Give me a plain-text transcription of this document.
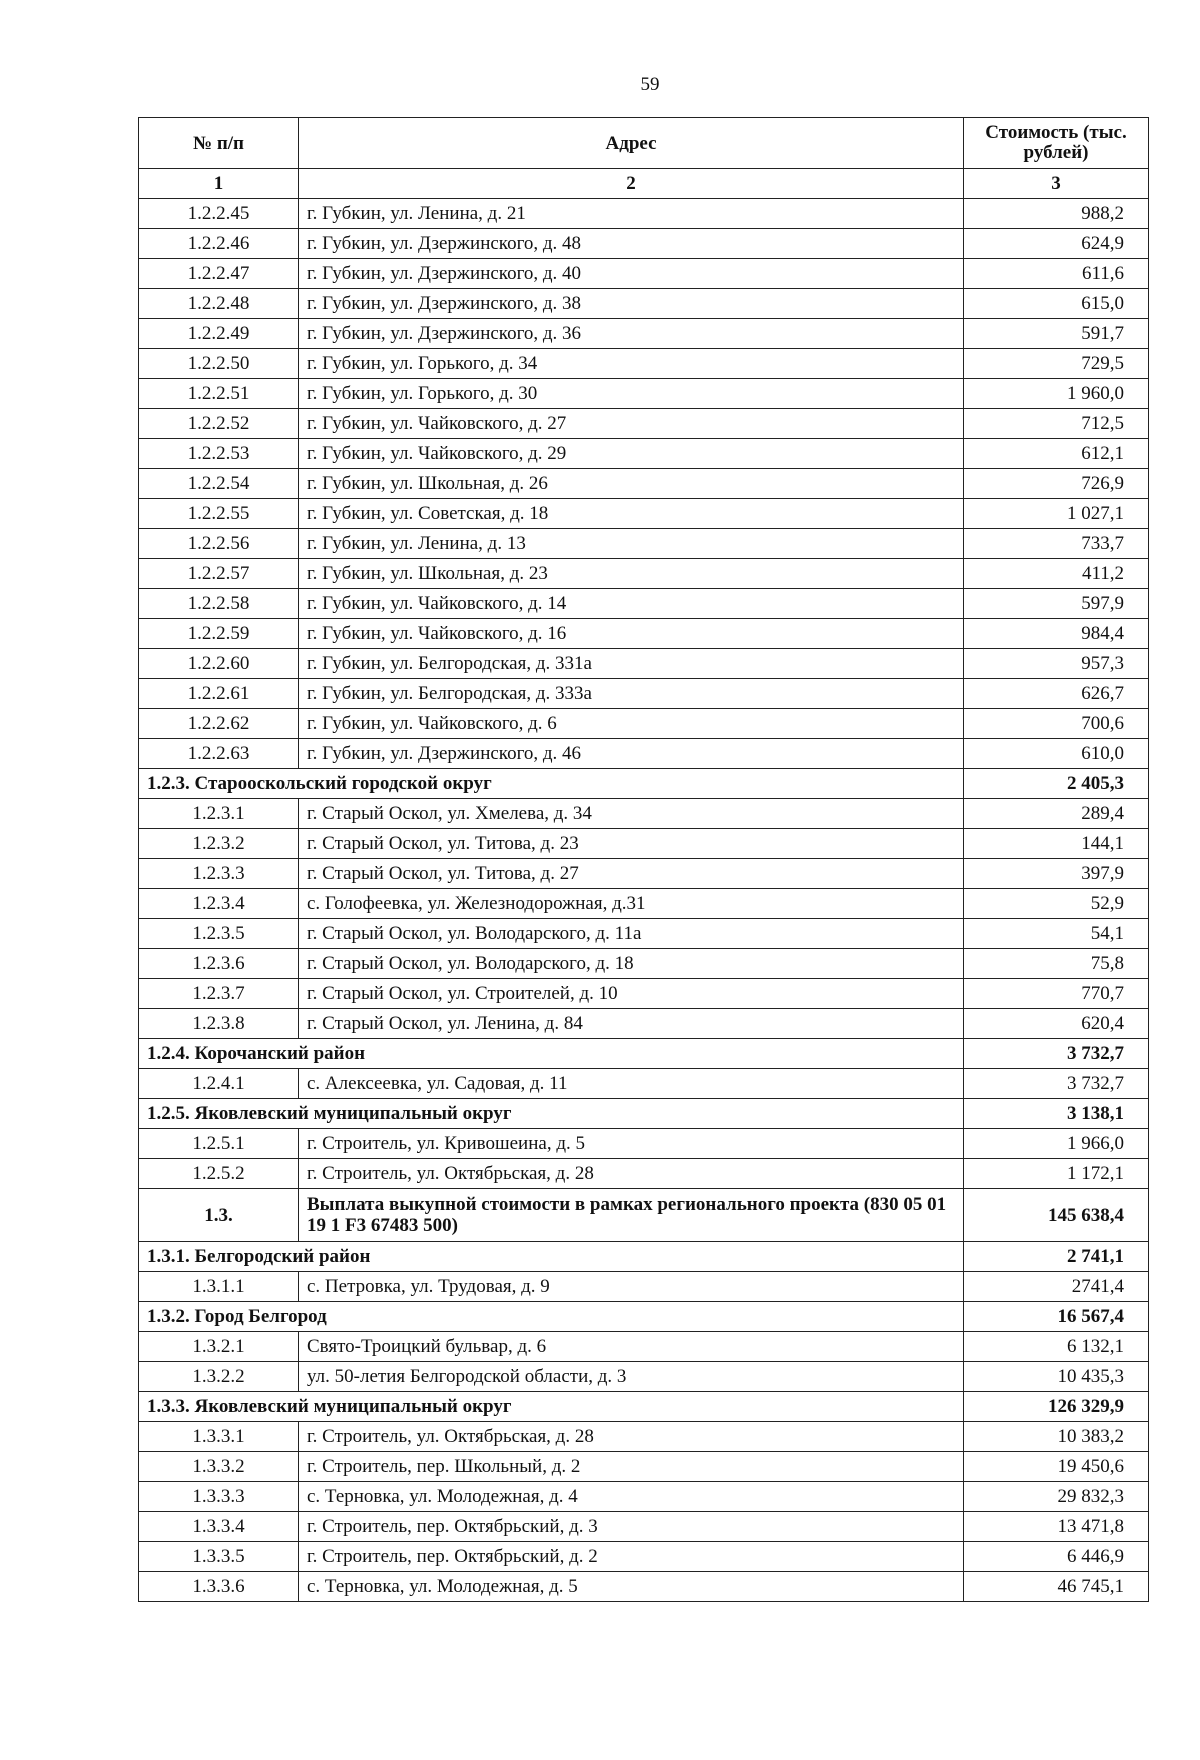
59
№ п/п	Адрес	Стоимость (тыс. рублей)
1	2	3
1.2.2.45	г. Губкин, ул. Ленина, д. 21	988,2
1.2.2.46	г. Губкин, ул. Дзержинского, д. 48	624,9
1.2.2.47	г. Губкин, ул. Дзержинского, д. 40	611,6
1.2.2.48	г. Губкин, ул. Дзержинского, д. 38	615,0
1.2.2.49	г. Губкин, ул. Дзержинского, д. 36	591,7
1.2.2.50	г. Губкин, ул. Горького, д. 34	729,5
1.2.2.51	г. Губкин, ул. Горького, д. 30	1 960,0
1.2.2.52	г. Губкин, ул. Чайковского, д. 27	712,5
1.2.2.53	г. Губкин, ул. Чайковского, д. 29	612,1
1.2.2.54	г. Губкин, ул. Школьная, д. 26	726,9
1.2.2.55	г. Губкин, ул. Советская, д. 18	1 027,1
1.2.2.56	г. Губкин, ул. Ленина, д. 13	733,7
1.2.2.57	г. Губкин, ул. Школьная, д. 23	411,2
1.2.2.58	г. Губкин, ул. Чайковского, д. 14	597,9
1.2.2.59	г. Губкин, ул. Чайковского, д. 16	984,4
1.2.2.60	г. Губкин, ул. Белгородская, д. 331а	957,3
1.2.2.61	г. Губкин, ул. Белгородская, д. 333а	626,7
1.2.2.62	г. Губкин, ул. Чайковского, д. 6	700,6
1.2.2.63	г. Губкин, ул. Дзержинского, д. 46	610,0
1.2.3. Старооскольский городской округ		2 405,3
1.2.3.1	г. Старый Оскол, ул. Хмелева, д. 34	289,4
1.2.3.2	г. Старый Оскол, ул. Титова, д. 23	144,1
1.2.3.3	г. Старый Оскол, ул. Титова, д. 27	397,9
1.2.3.4	с. Голофеевка, ул. Железнодорожная, д.31	52,9
1.2.3.5	г. Старый Оскол, ул. Володарского, д. 11а	54,1
1.2.3.6	г. Старый Оскол, ул. Володарского, д. 18	75,8
1.2.3.7	г. Старый Оскол, ул. Строителей, д. 10	770,7
1.2.3.8	г. Старый Оскол, ул. Ленина, д. 84	620,4
1.2.4. Корочанский район		3 732,7
1.2.4.1	с. Алексеевка, ул. Садовая, д. 11	3 732,7
1.2.5. Яковлевский муниципальный округ		3 138,1
1.2.5.1	г. Строитель, ул. Кривошеина, д. 5	1 966,0
1.2.5.2	г. Строитель, ул. Октябрьская, д. 28	1 172,1
1.3.	Выплата выкупной стоимости в рамках регионального проекта (830 05 01 19 1 F3 67483 500)	145 638,4
1.3.1. Белгородский район		2 741,1
1.3.1.1	с. Петровка, ул. Трудовая, д. 9	2741,4
1.3.2. Город Белгород		16 567,4
1.3.2.1	Свято-Троицкий бульвар, д. 6	6 132,1
1.3.2.2	ул. 50-летия Белгородской области, д. 3	10 435,3
1.3.3. Яковлевский муниципальный округ		126 329,9
1.3.3.1	г. Строитель, ул. Октябрьская, д. 28	10 383,2
1.3.3.2	г. Строитель, пер. Школьный, д. 2	19 450,6
1.3.3.3	с. Терновка, ул. Молодежная, д. 4	29 832,3
1.3.3.4	г. Строитель, пер. Октябрьский, д. 3	13 471,8
1.3.3.5	г. Строитель, пер. Октябрьский, д. 2	6 446,9
1.3.3.6	с. Терновка, ул. Молодежная, д. 5	46 745,1
